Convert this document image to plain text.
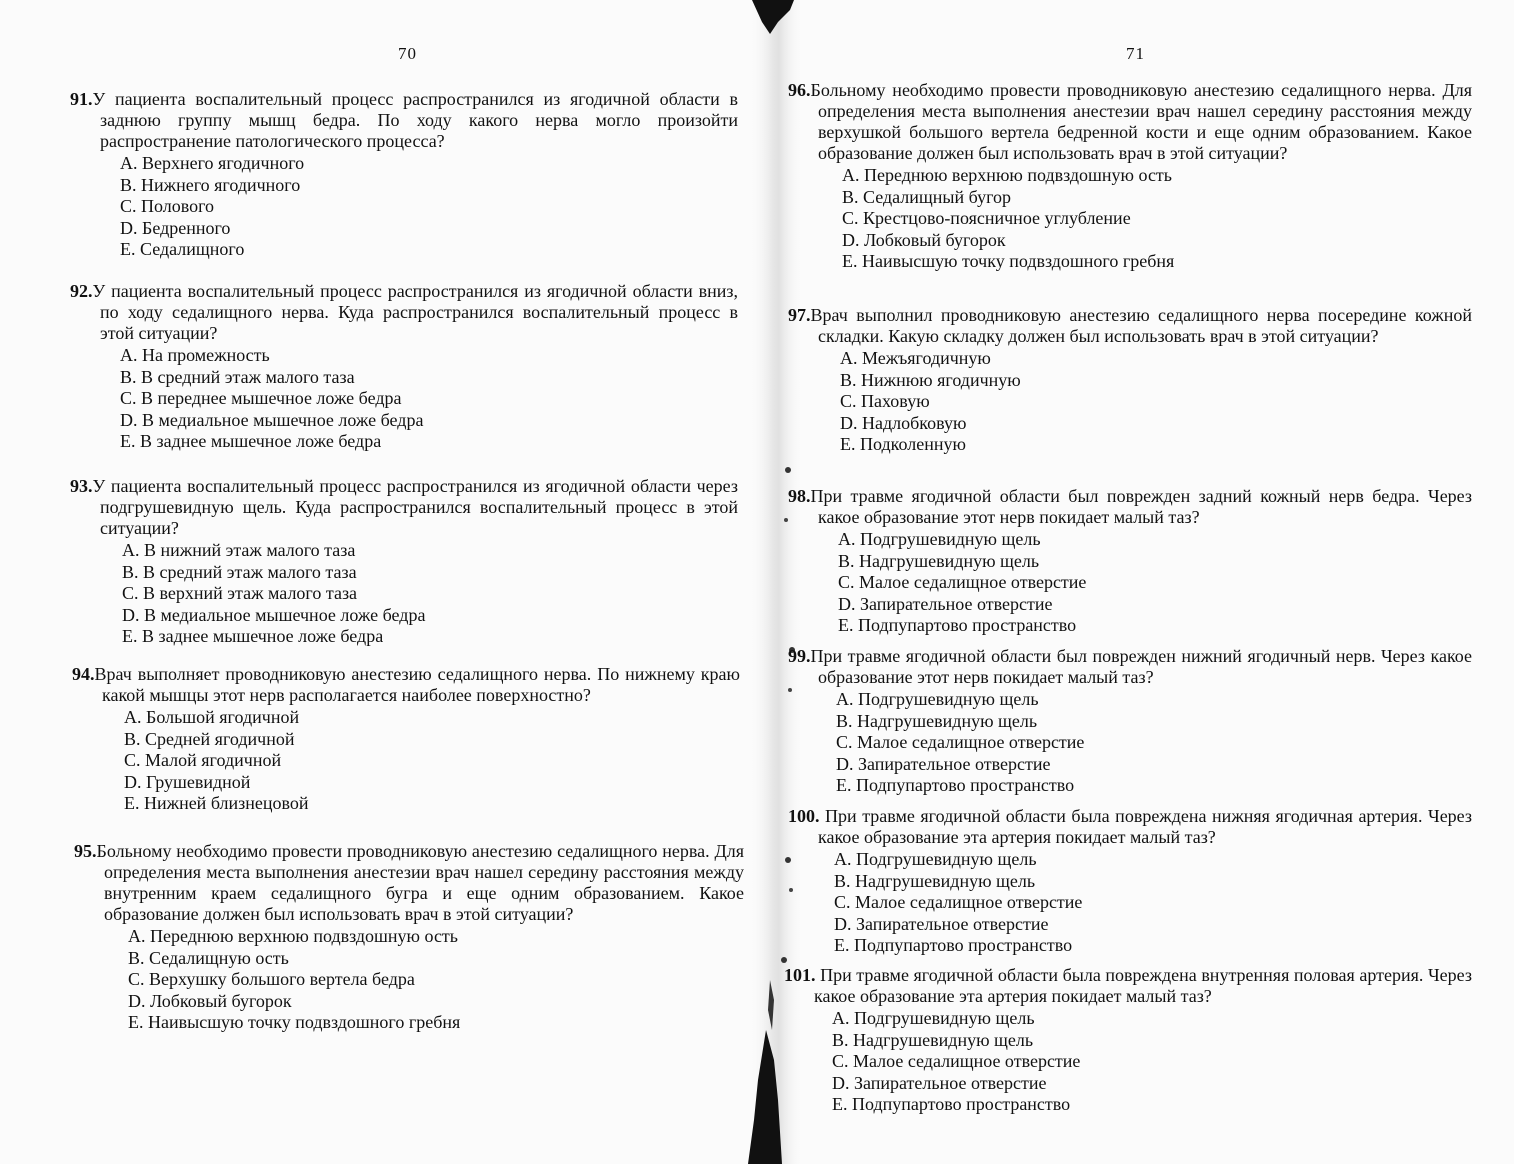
70

91.У пациента воспалительный процесс распространился из ягодичной области в заднюю группу мышц бедра. По ходу какого нерва могло произойти распространение патологического процесса?

А. Верхнего ягодичного
В. Нижнего ягодичного
С. Полового
D. Бедренного
Е. Седалищного

92.У пациента воспалительный процесс распространился из ягодичной области вниз, по ходу седалищного нерва. Куда распространился воспалительный процесс в этой ситуации?

А. На промежность
В. В средний этаж малого таза
С. В переднее мышечное ложе бедра
D. В медиальное мышечное ложе бедра
Е. В заднее мышечное ложе бедра

93.У пациента воспалительный процесс распространился из ягодичной области через подгрушевидную щель. Куда распространился воспалительный процесс в этой ситуации?

А. В нижний этаж малого таза
В. В средний этаж малого таза
С. В верхний этаж малого таза
D. В медиальное мышечное ложе бедра
Е. В заднее мышечное ложе бедра

94.Врач выполняет проводниковую анестезию седалищного нерва. По нижнему краю какой мышцы этот нерв располагается наиболее поверхностно?

А. Большой ягодичной
В. Средней ягодичной
С. Малой ягодичной
D. Грушевидной
Е. Нижней близнецовой

95.Больному необходимо провести проводниковую анестезию седалищного нерва. Для определения места выполнения анестезии врач нашел середину расстояния между внутренним краем седалищного бугра и еще одним образованием. Какое образование должен был использовать врач в этой ситуации?

А. Переднюю верхнюю подвздошную ость
В. Седалищную ость
С. Верхушку большого вертела бедра
D. Лобковый бугорок
Е. Наивысшую точку подвздошного гребня
71

96.Больному необходимо провести проводниковую анестезию седалищного нерва. Для определения места выполнения анестезии врач нашел середину расстояния между верхушкой большого вертела бедренной кости и еще одним образованием. Какое образование должен был использовать врач в этой ситуации?

А. Переднюю верхнюю подвздошную ость
В. Седалищный бугор
С. Крестцово-поясничное углубление
D. Лобковый бугорок
Е. Наивысшую точку подвздошного гребня

97.Врач выполнил проводниковую анестезию седалищного нерва посередине кожной складки. Какую складку должен был использовать врач в этой ситуации?

А. Межъягодичную
В. Нижнюю ягодичную
С. Паховую
D. Надлобковую
Е. Подколенную

98.При травме ягодичной области был поврежден задний кожный нерв бедра. Через какое образование этот нерв покидает малый таз?

А. Подгрушевидную щель
В. Надгрушевидную щель
С. Малое седалищное отверстие
D. Запирательное отверстие
Е. Подпупартово пространство

99.При травме ягодичной области был поврежден нижний ягодичный нерв. Через какое образование этот нерв покидает малый таз?

А. Подгрушевидную щель
В. Надгрушевидную щель
С. Малое седалищное отверстие
D. Запирательное отверстие
Е. Подпупартово пространство

100. При травме ягодичной области была повреждена нижняя ягодичная артерия. Через какое образование эта артерия покидает малый таз?

А. Подгрушевидную щель
В. Надгрушевидную щель
С. Малое седалищное отверстие
D. Запирательное отверстие
Е. Подпупартово пространство

101. При травме ягодичной области была повреждена внутренняя половая артерия. Через какое образование эта артерия покидает малый таз?

А. Подгрушевидную щель
В. Надгрушевидную щель
С. Малое седалищное отверстие
D. Запирательное отверстие
Е. Подпупартово пространство
